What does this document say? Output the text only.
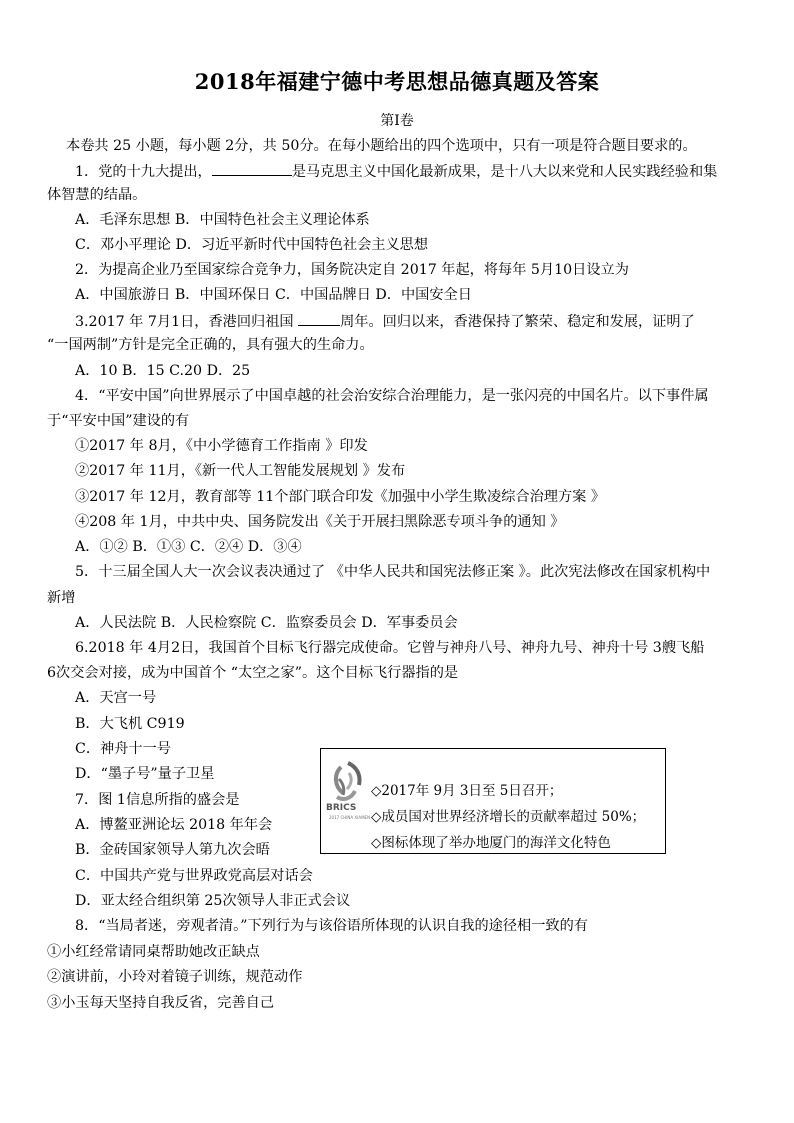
2018年福建宁德中考思想品德真题及答案
第Ⅰ卷
本卷共 25 小题，每小题 2分，共 50分。在每小题给出的四个选项中，只有一项是符合题目要求的。
1．党的十九大提出，	是马克思主义中国化最新成果，是十八大以来党和人民实践经验和集
体智慧的结晶。
A．毛泽东思想 B．中国特色社会主义理论体系
C．邓小平理论 D．习近平新时代中国特色社会主义思想
2．为提高企业乃至国家综合竞争力，国务院决定自 2017 年起，将每年 5月10日设立为
A．中国旅游日 B．中国环保日 C．中国品牌日 D．中国安全日
3.2017 年 7月1日，香港回归祖国	周年。回归以来，香港保持了繁荣、稳定和发展，证明了
“一国两制”方针是完全正确的，具有强大的生命力。
A．10 B．15 C.20 D．25
4．“平安中国”向世界展示了中国卓越的社会治安综合治理能力，是一张闪亮的中国名片。以下事件属
于“平安中国”建设的有
①2017 年 8月，《中小学德育工作指南 》印发
②2017 年 11月，《新一代人工智能发展规划 》发布
③2017 年 12月，教育部等 11个部门联合印发《加强中小学生欺凌综合治理方案 》
④208 年 1月，中共中央、国务院发出《关于开展扫黑除恶专项斗争的通知 》
A．①② B．①③ C．②④ D．③④
5．十三届全国人大一次会议表决通过了 《中华人民共和国宪法修正案 》。此次宪法修改在国家机构中
新增
A．人民法院 B．人民检察院 C．监察委员会 D．军事委员会
6.2018 年 4月2日，我国首个目标飞行器完成使命。它曾与神舟八号、神舟九号、神舟十号 3艘飞船
6次交会对接，成为中国首个 “太空之家”。这个目标飞行器指的是
A．天宫一号
B．大飞机 C919
C．神舟十一号
D．“墨子号”量子卫星
7．图 1信息所指的盛会是
A．博鳌亚洲论坛 2018 年年会
B．金砖国家领导人第九次会晤
C．中国共产党与世界政党高层对话会
D．亚太经合组织第 25次领导人非正式会议
8．“当局者迷，旁观者清。”下列行为与该俗语所体现的认识自我的途径相一致的有
①小红经常请同桌帮助她改正缺点
②演讲前，小玲对着镜子训练，规范动作
③小玉每天坚持自我反省，完善自己
BRICS
2017 CHINA XIAMEN
◇2017年 9月 3日至 5日召开；
◇成员国对世界经济增长的贡献率超过 50%；
◇图标体现了举办地厦门的海洋文化特色
